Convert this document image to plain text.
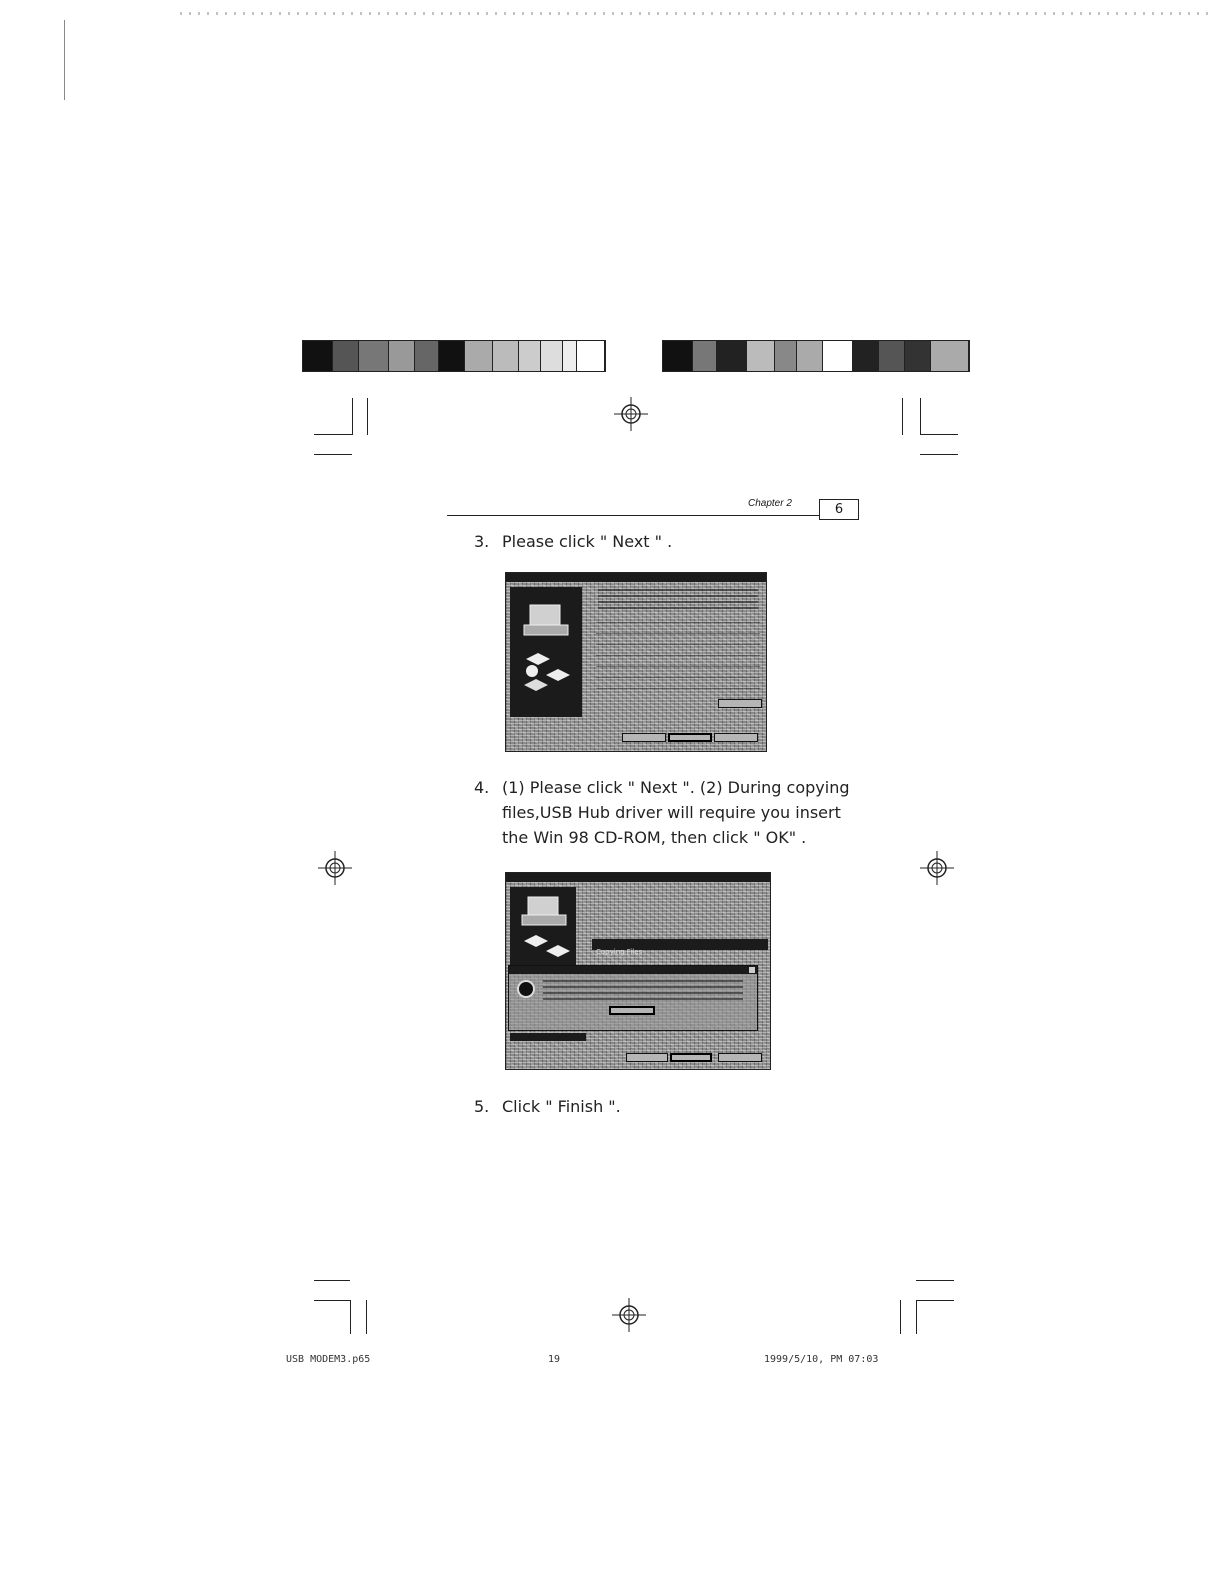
Chapter 2	6
3. Please click " Next " .
4. (1) Please click " Next ". (2) During copying
files,USB Hub driver will require you insert
the Win 98 CD-ROM, then click " OK" .
Copying Files
5. Click " Finish ".
USB MODEM3.p65	19	1999/5/10, PM 07:03
